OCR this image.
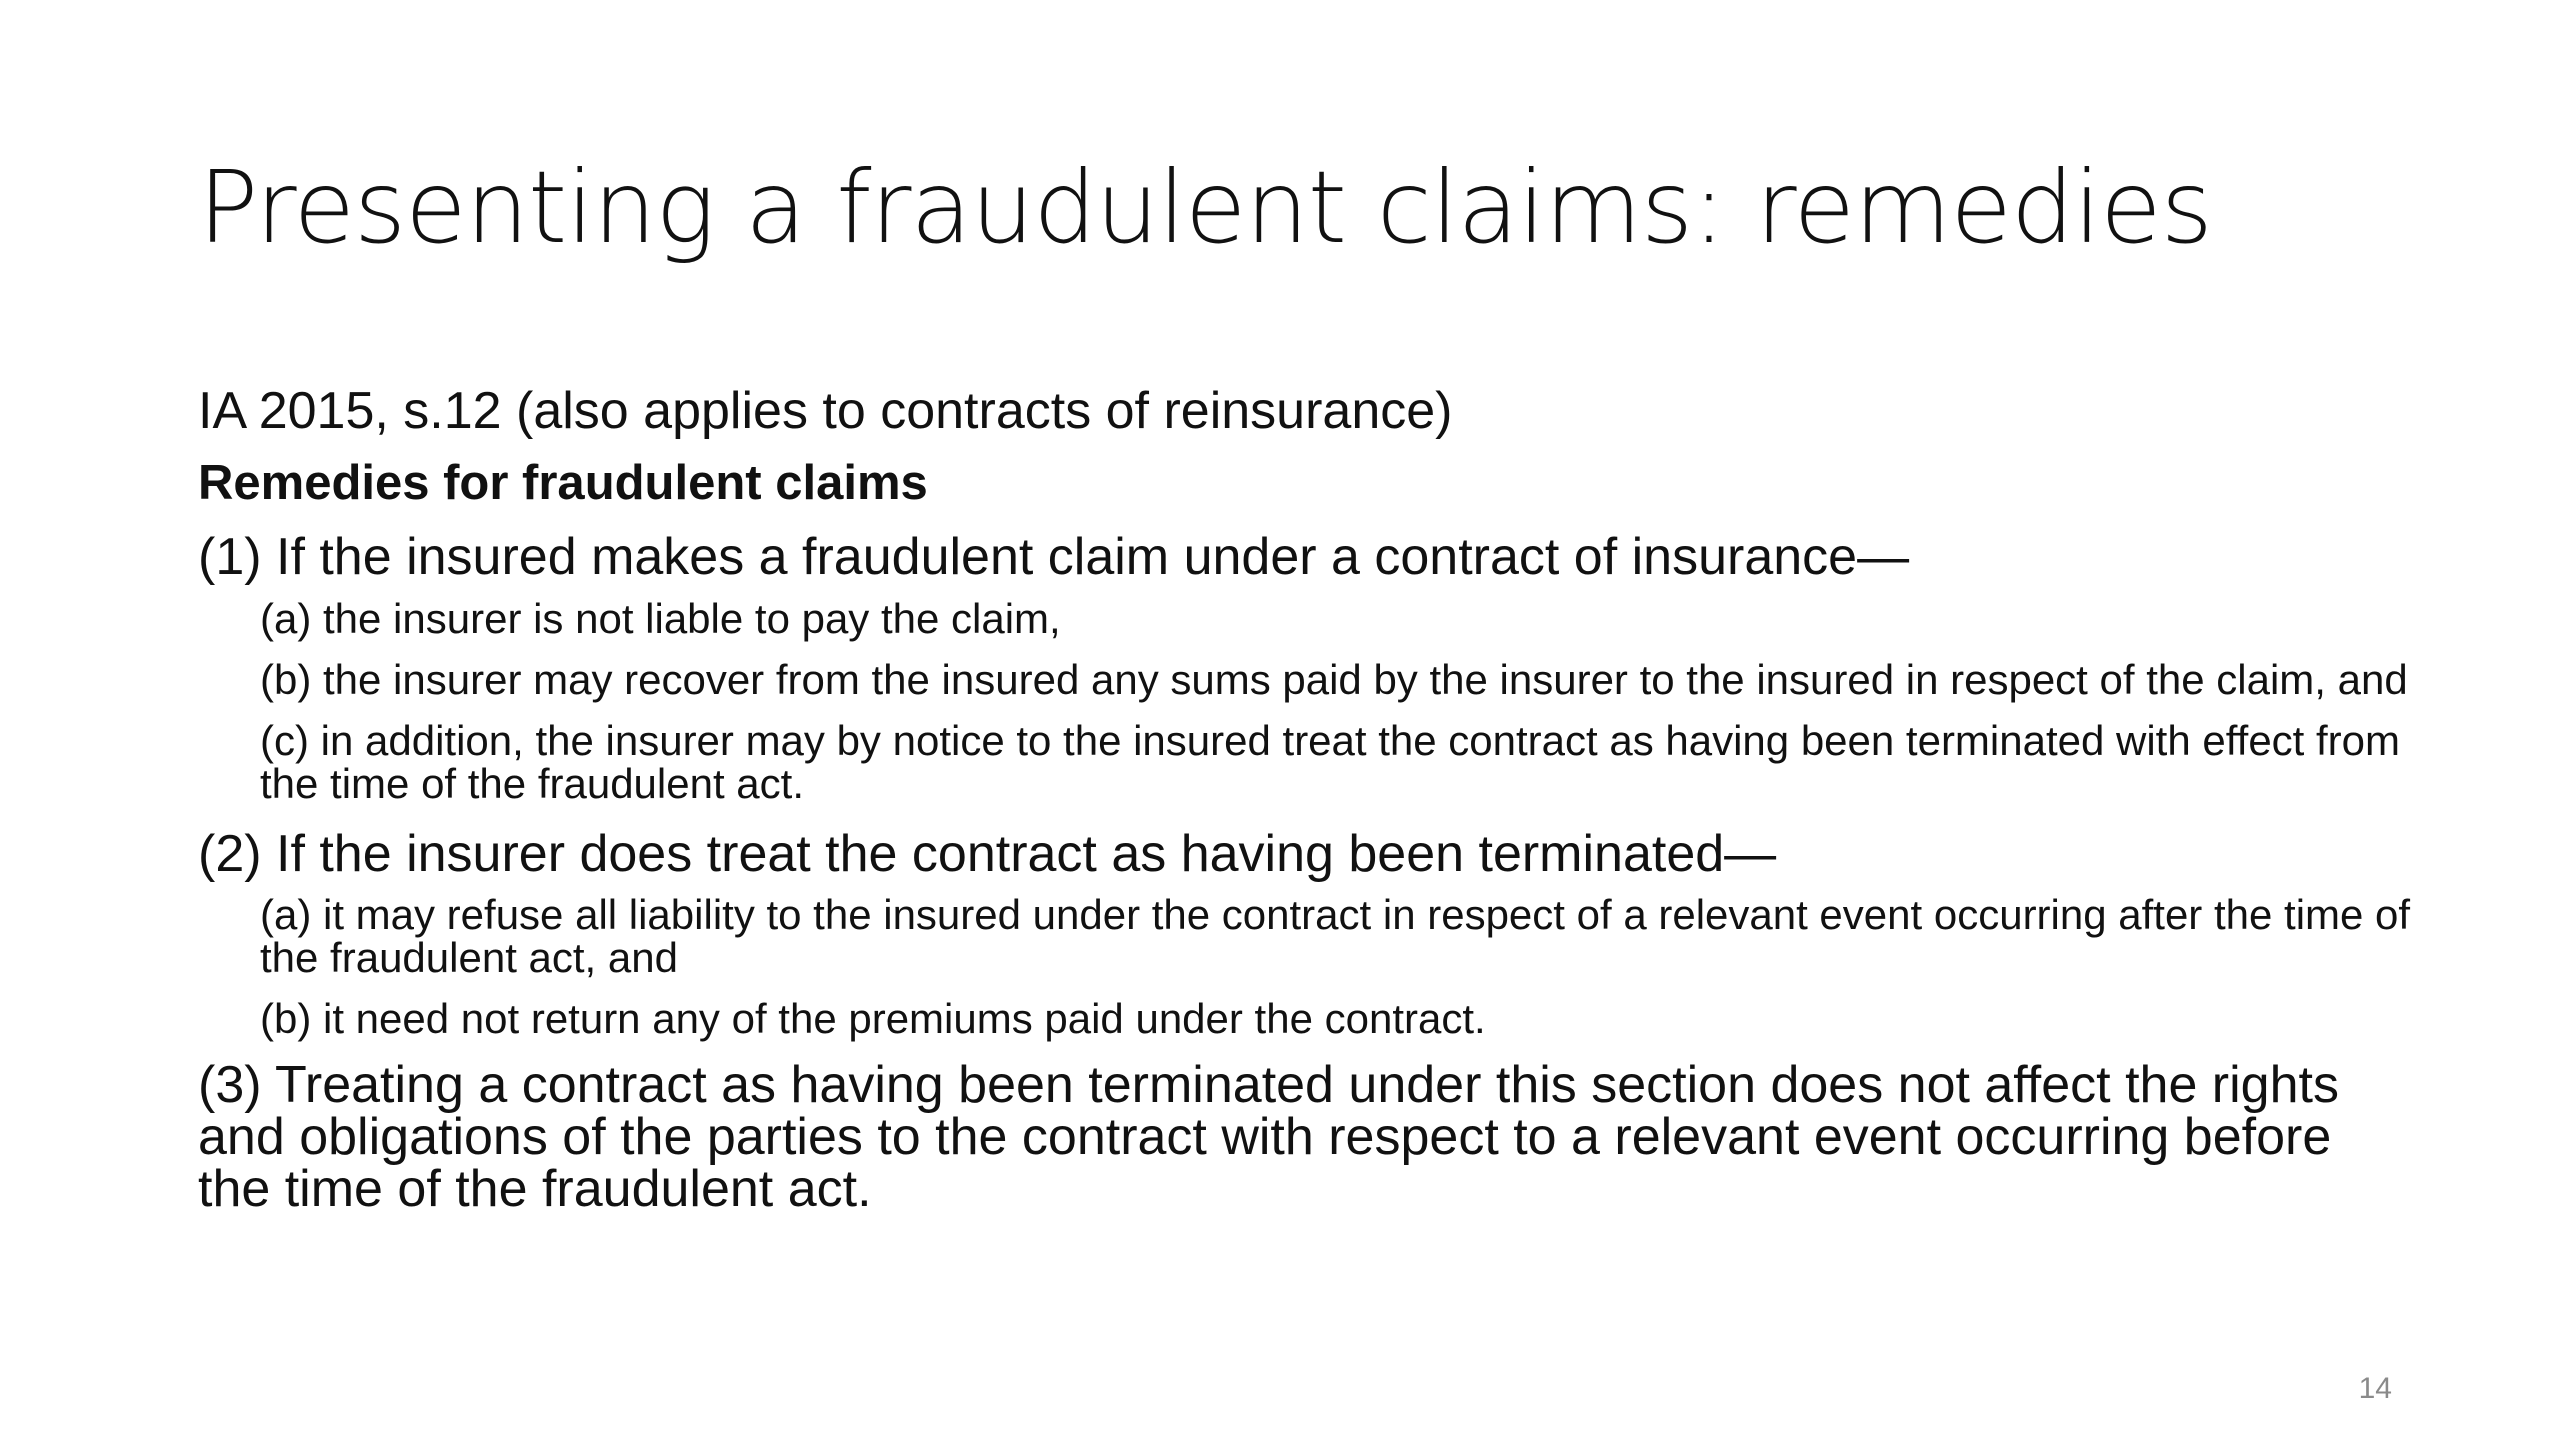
Presenting a fraudulent claims: remedies

IA 2015, s.12 (also applies to contracts of reinsurance)

Remedies for fraudulent claims

(1) If the insured makes a fraudulent claim under a contract of insurance—

(a) the insurer is not liable to pay the claim,

(b) the insurer may recover from the insured any sums paid by the insurer to the insured in respect of the claim, and

(c) in addition, the insurer may by notice to the insured treat the contract as having been terminated with effect from the time of the fraudulent act.

(2) If the insurer does treat the contract as having been terminated—

(a) it may refuse all liability to the insured under the contract in respect of a relevant event occurring after the time of the fraudulent act, and

(b) it need not return any of the premiums paid under the contract.

(3) Treating a contract as having been terminated under this section does not affect the rights and obligations of the parties to the contract with respect to a relevant event occurring before the time of the fraudulent act.

14
